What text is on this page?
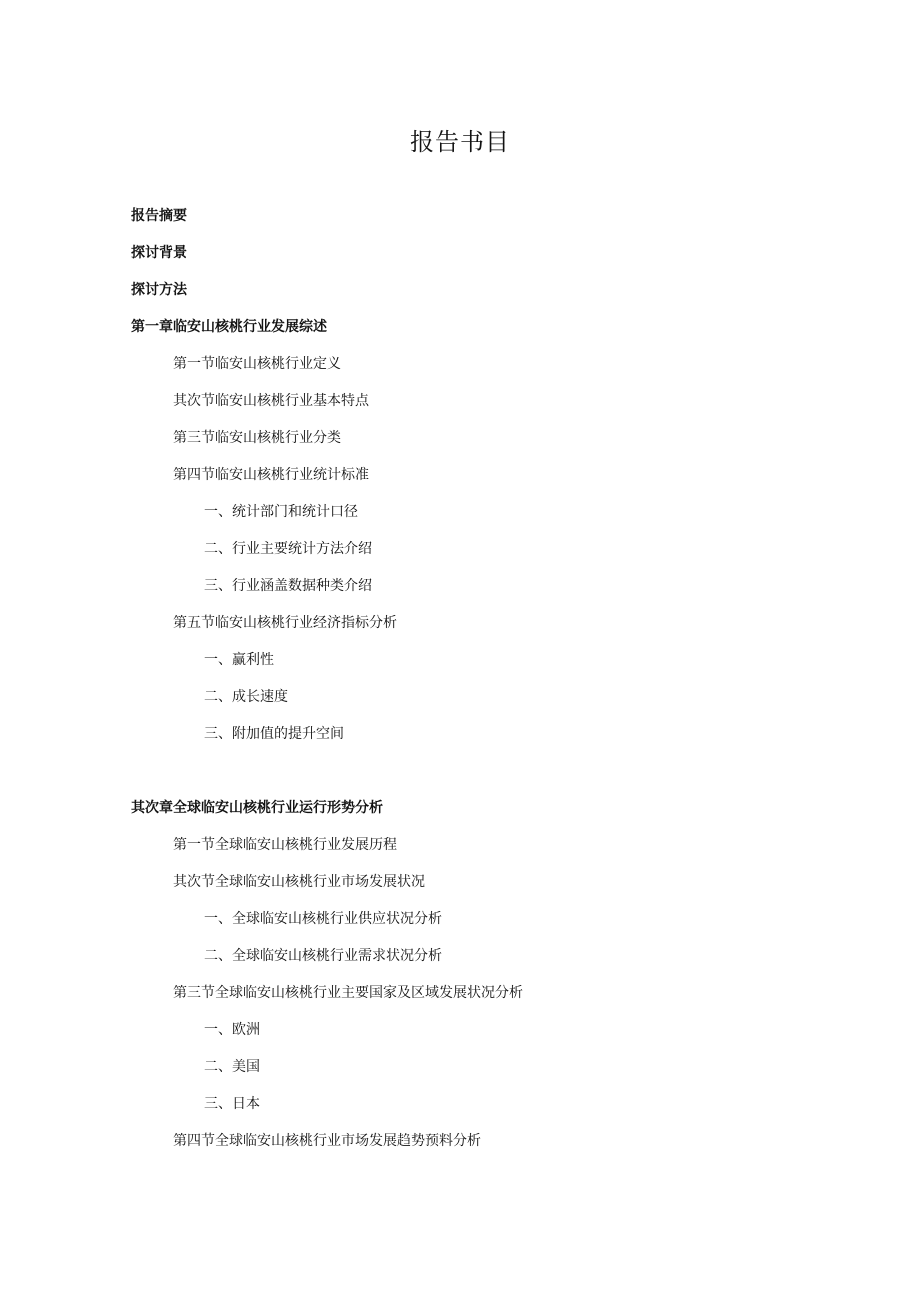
报告书目
报告摘要
探讨背景
探讨方法
第一章临安山核桃行业发展综述
第一节临安山核桃行业定义
其次节临安山核桃行业基本特点
第三节临安山核桃行业分类
第四节临安山核桃行业统计标准
一、统计部门和统计口径
二、行业主要统计方法介绍
三、行业涵盖数据种类介绍
第五节临安山核桃行业经济指标分析
一、赢利性
二、成长速度
三、附加值的提升空间
其次章全球临安山核桃行业运行形势分析
第一节全球临安山核桃行业发展历程
其次节全球临安山核桃行业市场发展状况
一、全球临安山核桃行业供应状况分析
二、全球临安山核桃行业需求状况分析
第三节全球临安山核桃行业主要国家及区域发展状况分析
一、欧洲
二、美国
三、日本
第四节全球临安山核桃行业市场发展趋势预料分析
